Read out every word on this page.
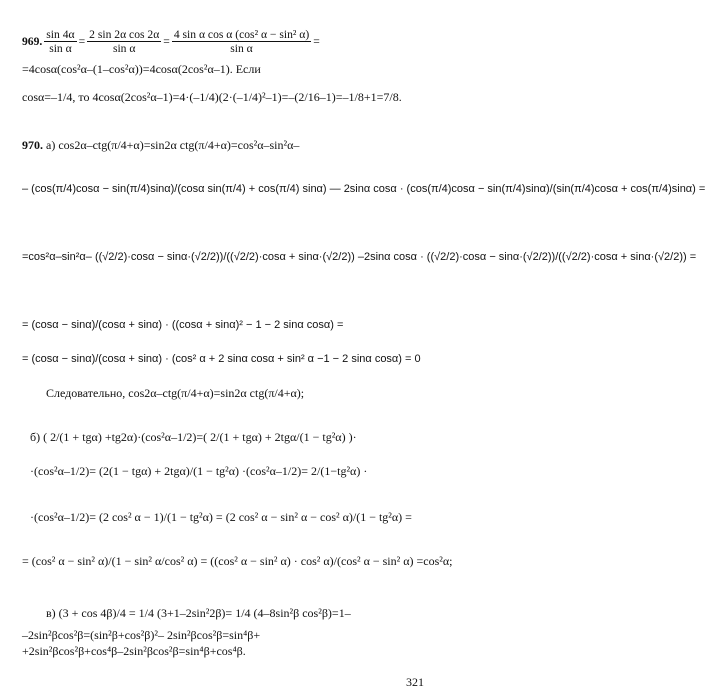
969. $\frac{\sin 4\alpha}{\text{sin α}} = \frac{\text{2 sin 2α cos 2α}}{\text{sin α}} = \frac{\text{4 sin α cos α (cos² α − sin² α)}}{\text{sin α}}$ =
=4cosα(cos²α–(1–cos²α))=4cosα(2cos²α–1). Если
cosα=–1/4, то 4cosα(2cos²α–1)=4·(–1/4)(2·(–1/4)²–1)=–(2/16–1)=–1/8+1=7/8.
970. а) cos2α–ctg(π/4+α)=sin2α ctg(π/4+α)=cos²α–sin²α–
– (cos(π/4)cosα − sin(π/4)sinα)/(cosα sin(π/4) + cos(π/4) sinα) — 2sinα cosα · (cos(π/4)cosα − sin(π/4)sinα)/(sin(π/4)cosα + cos(π/4)sinα) =
=cos²α–sin²α– ((√2/2)·cosα − sinα·(√2/2))/((√2/2)·cosα + sinα·(√2/2)) –2sinα cosα · ((√2/2)·cosα − sinα·(√2/2))/((√2/2)·cosα + sinα·(√2/2)) =
= (cosα − sinα)/(cosα + sinα) · ((cosα + sinα)² − 1 − 2 sinα cosα) =
= (cosα − sinα)/(cosα + sinα) · (cos² α + 2 sinα cosα + sin² α −1 − 2 sinα cosα) = 0
Следовательно, cos2α–ctg(π/4+α)=sin2α ctg(π/4+α);
б) ( 2/(1 + tgα) +tg2α)·(cos²α–1/2)=( 2/(1 + tgα) + 2tgα/(1 − tg²α) )·
·(cos²α–1/2)= (2(1 − tgα) + 2tgα)/(1 − tg²α) ·(cos²α–1/2)= 2/(1−tg²α) ·
·(cos²α–1/2)= (2 cos² α − 1)/(1 − tg²α) = (2 cos² α − sin² α − cos² α)/(1 − tg²α) =
= (cos² α − sin² α)/(1 − sin² α/cos² α) = ((cos² α − sin² α) · cos² α)/(cos² α − sin² α) =cos²α;
в) (3 + cos 4β)/4 = 1/4 (3+1–2sin²2β)= 1/4 (4–8sin²β cos²β)=1–
–2sin²βcos²β=(sin²β+cos²β)²– 2sin²βcos²β=sin⁴β+
+2sin²βcos²β+cos⁴β–2sin²βcos²β=sin⁴β+cos⁴β.
321
